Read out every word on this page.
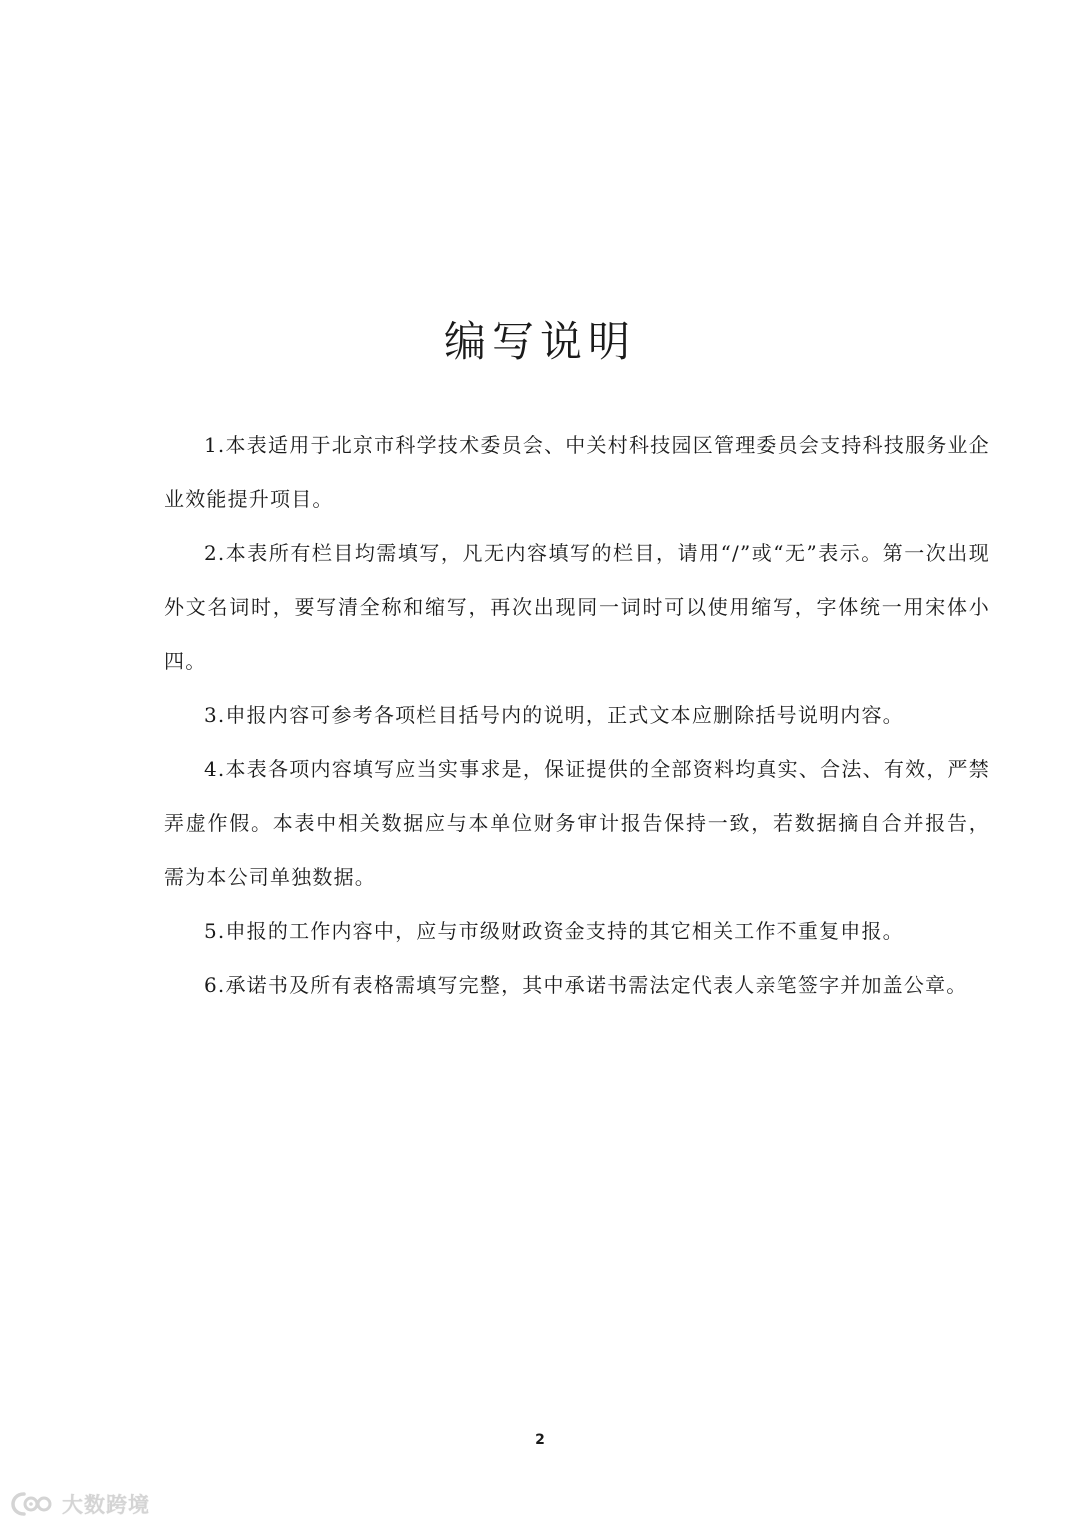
编写说明

1.本表适用于北京市科学技术委员会、中关村科技园区管理委员会支持科技服务业企业效能提升项目。

2.本表所有栏目均需填写，凡无内容填写的栏目，请用“/”或“无”表示。第一次出现外文名词时，要写清全称和缩写，再次出现同一词时可以使用缩写，字体统一用宋体小四。

3.申报内容可参考各项栏目括号内的说明，正式文本应删除括号说明内容。

4.本表各项内容填写应当实事求是，保证提供的全部资料均真实、合法、有效，严禁弄虚作假。本表中相关数据应与本单位财务审计报告保持一致，若数据摘自合并报告，需为本公司单独数据。

5.申报的工作内容中，应与市级财政资金支持的其它相关工作不重复申报。

6.承诺书及所有表格需填写完整，其中承诺书需法定代表人亲笔签字并加盖公章。

2
大数跨境
